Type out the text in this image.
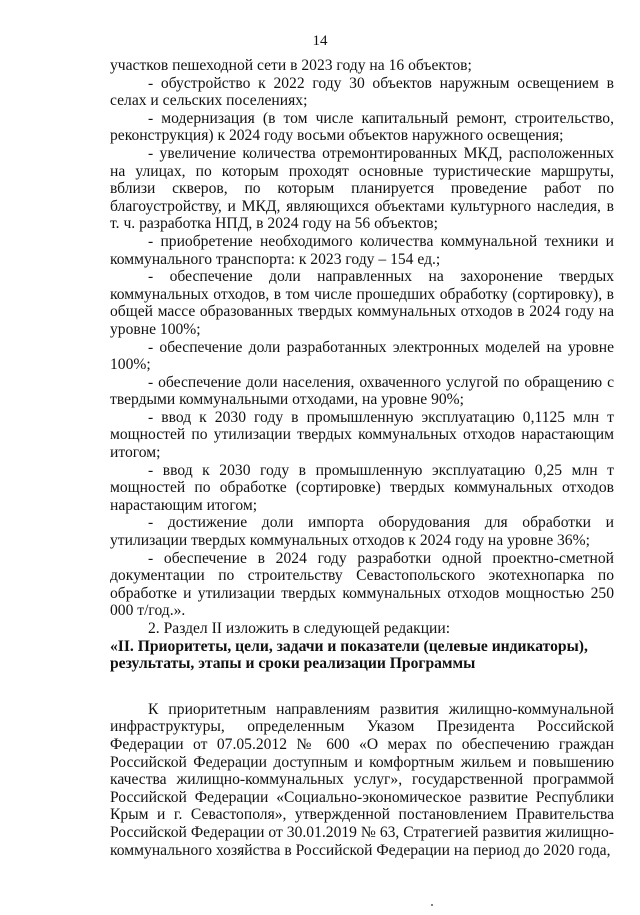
14

участков пешеходной сети в 2023 году на 16 объектов;

- обустройство к 2022 году 30 объектов наружным освещением в селах и сельских поселениях;

- модернизация (в том числе капитальный ремонт, строительство, реконструкция) к 2024 году восьми объектов наружного освещения;

- увеличение количества отремонтированных МКД, расположенных на улицах, по которым проходят основные туристические маршруты, вблизи скверов, по которым планируется проведение работ по благоустройству, и МКД, являющихся объектами культурного наследия, в т. ч. разработка НПД, в 2024 году на 56 объектов;

- приобретение необходимого количества коммунальной техники и коммунального транспорта: к 2023 году – 154 ед.;

- обеспечение доли направленных на захоронение твердых коммунальных отходов, в том числе прошедших обработку (сортировку), в общей массе образованных твердых коммунальных отходов в 2024 году на уровне 100%;

- обеспечение доли разработанных электронных моделей на уровне 100%;

- обеспечение доли населения, охваченного услугой по обращению с твердыми коммунальными отходами, на уровне 90%;

- ввод к 2030 году в промышленную эксплуатацию 0,1125 млн т мощностей по утилизации твердых коммунальных отходов нарастающим итогом;

- ввод к 2030 году в промышленную эксплуатацию 0,25 млн т мощностей по обработке (сортировке) твердых коммунальных отходов нарастающим итогом;

- достижение доли импорта оборудования для обработки и утилизации твердых коммунальных отходов к 2024 году на уровне 36%;

- обеспечение в 2024 году разработки одной проектно-сметной документации по строительству Севастопольского экотехнопарка по обработке и утилизации твердых коммунальных отходов мощностью 250 000 т/год.».

2. Раздел II изложить в следующей редакции:

«II. Приоритеты, цели, задачи и показатели (целевые индикаторы),

результаты, этапы и сроки реализации Программы

К приоритетным направлениям развития жилищно-коммунальной инфраструктуры, определенным Указом Президента Российской Федерации от 07.05.2012 № 600 «О мерах по обеспечению граждан Российской Федерации доступным и комфортным жильем и повышению качества жилищно-коммунальных услуг», государственной программой Российской Федерации «Социально-экономическое развитие Республики Крым и г. Севастополя», утвержденной постановлением Правительства Российской Федерации от 30.01.2019 № 63, Стратегией развития жилищно-коммунального хозяйства в Российской Федерации на период до 2020 года,
